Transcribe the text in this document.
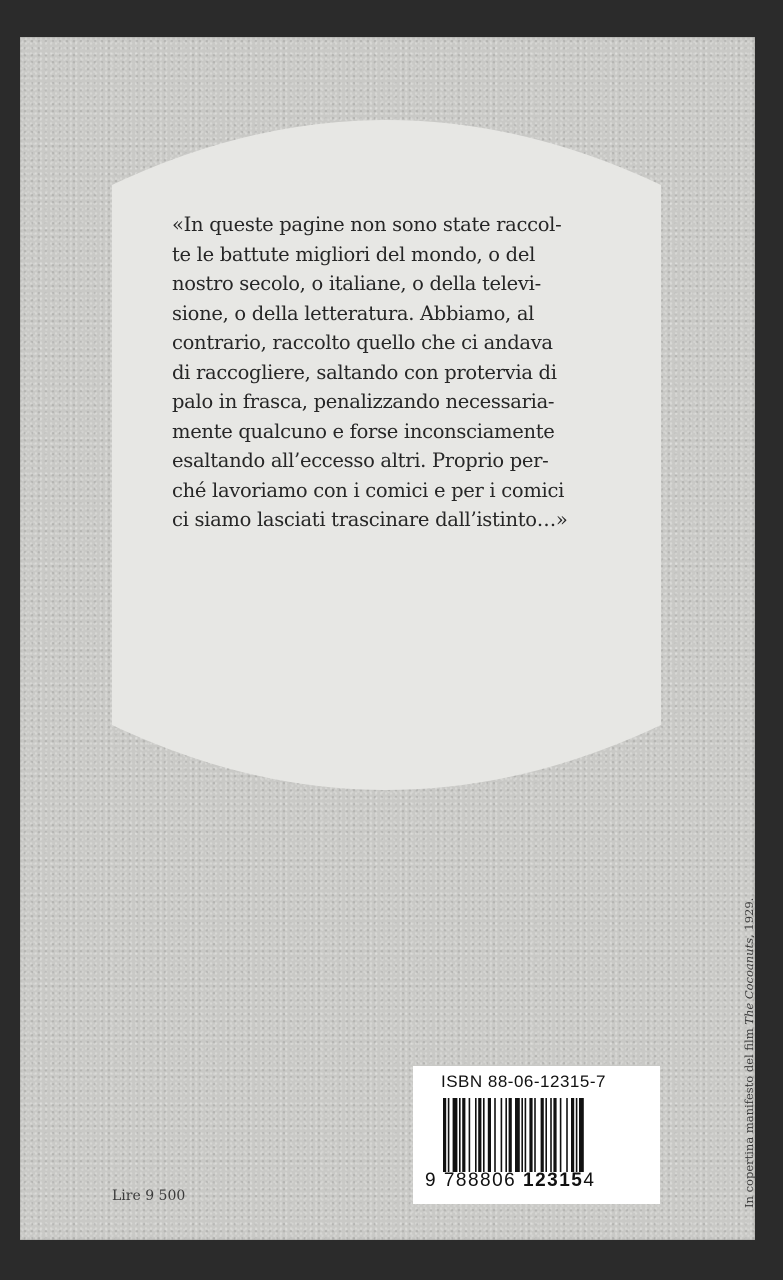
«In queste pagine non sono state raccol-
te le battute migliori del mondo, o del
nostro secolo, o italiane, o della televi-
sione, o della letteratura. Abbiamo, al
contrario, raccolto quello che ci andava
di raccogliere, saltando con protervia di
palo in frasca, penalizzando necessaria-
mente qualcuno e forse inconsciamente
esaltando all’eccesso altri. Proprio per-
ché lavoriamo con i comici e per i comici
ci siamo lasciati trascinare dall’istinto…»

Lire 9 500	In copertina manifesto del film The Cocoanuts, 1929.
ISBN 88-06-12315-7
9 788806 123154
